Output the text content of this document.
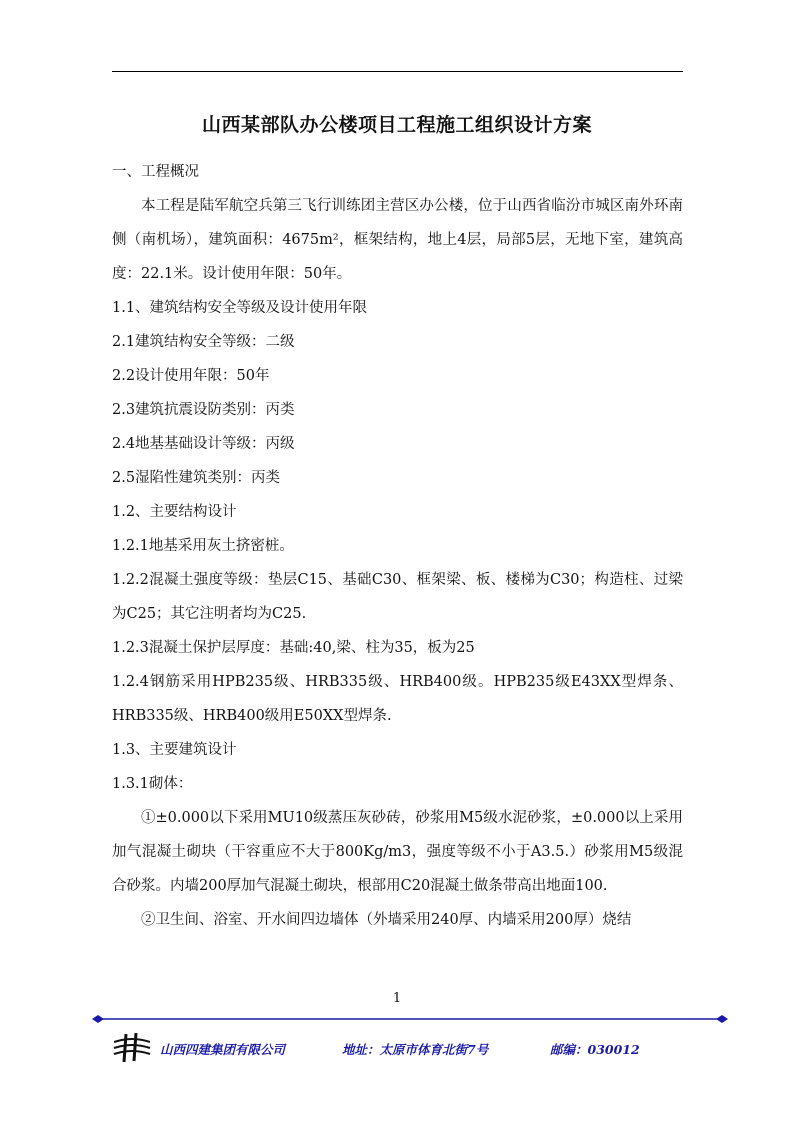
山西某部队办公楼项目工程施工组织设计方案

一、工程概况

本工程是陆军航空兵第三飞行训练团主营区办公楼，位于山西省临汾市城区南外环南侧（南机场），建筑面积：4675m²，框架结构，地上4层，局部5层，无地下室，建筑高度：22.1米。设计使用年限：50年。

1.1、建筑结构安全等级及设计使用年限

2.1建筑结构安全等级：二级

2.2设计使用年限：50年

2.3建筑抗震设防类别：丙类

2.4地基基础设计等级：丙级

2.5湿陷性建筑类别：丙类

1.2、主要结构设计

1.2.1地基采用灰土挤密桩。

1.2.2混凝土强度等级：垫层C15、基础C30、框架梁、板、楼梯为C30；构造柱、过梁为C25；其它注明者均为C25.

1.2.3混凝土保护层厚度：基础:40,梁、柱为35，板为25

1.2.4钢筋采用HPB235级、HRB335级、HRB400级。HPB235级E43XX型焊条、HRB335级、HRB400级用E50XX型焊条.

1.3、主要建筑设计

1.3.1砌体：

➀±0.000以下采用MU10级蒸压灰砂砖，砂浆用M5级水泥砂浆，±0.000以上采用加气混凝土砌块（干容重应不大于800Kg/m3，强度等级不小于A3.5.）砂浆用M5级混合砂浆。内墙200厚加气混凝土砌块，根部用C20混凝土做条带高出地面100.

➁卫生间、浴室、开水间四边墙体（外墙采用240厚、内墙采用200厚）烧结

1
山西四建集团有限公司	地址：太原市体育北街7号	邮编：030012
